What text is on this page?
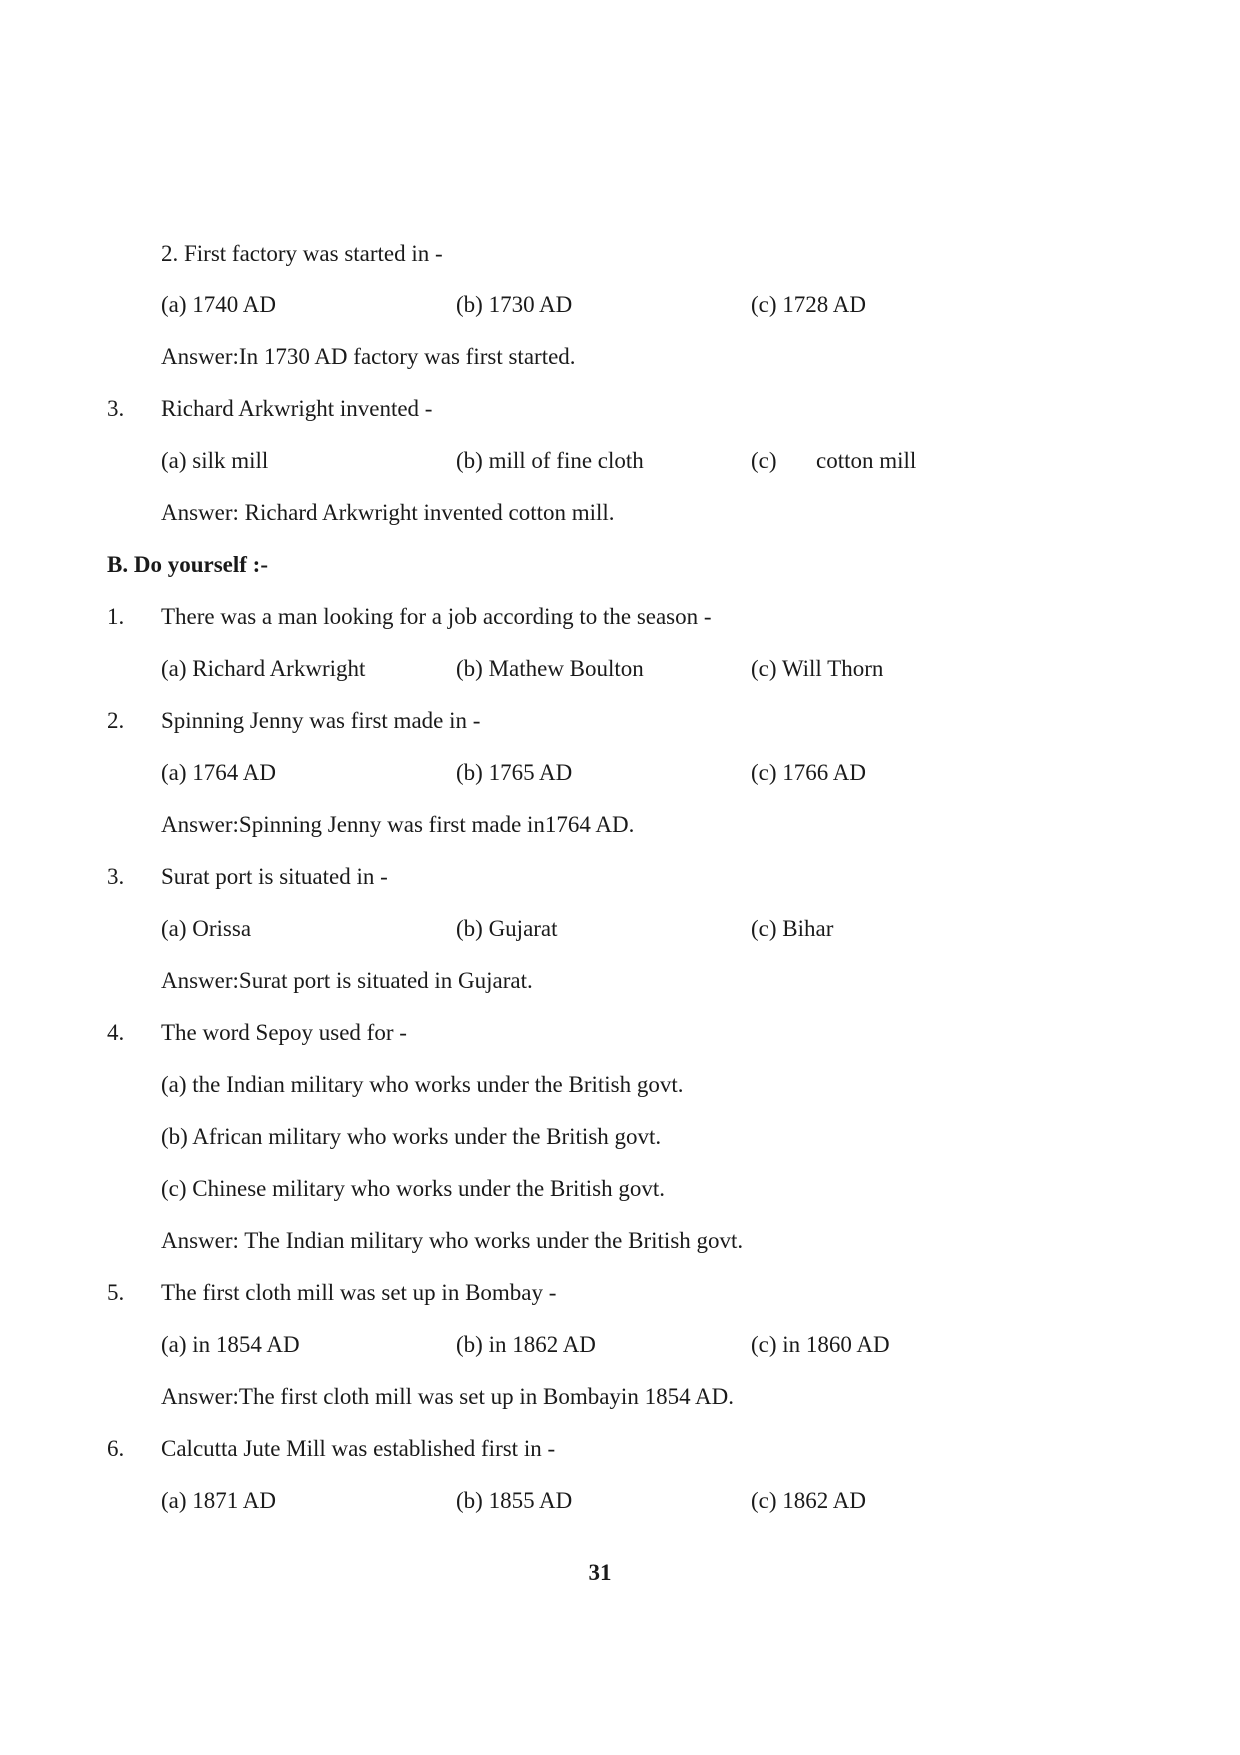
2. First factory was started in -
(a) 1740 AD	(b) 1730 AD	(c) 1728 AD
Answer:In 1730 AD factory was first started.
3. Richard Arkwright invented -
(a) silk mill	(b) mill of fine cloth	(c) cotton mill
Answer: Richard Arkwright invented cotton mill.
B. Do yourself :-
1. There was a man looking for a job according to the season -
(a) Richard Arkwright	(b) Mathew Boulton	(c) Will Thorn
2. Spinning Jenny was first made in -
(a) 1764 AD	(b) 1765 AD	(c) 1766 AD
Answer:Spinning Jenny was first made in1764 AD.
3. Surat port is situated in -
(a) Orissa	(b) Gujarat	(c) Bihar
Answer:Surat port is situated in Gujarat.
4. The word Sepoy used for -
(a) the Indian military who works under the British govt.
(b) African military who works under the British govt.
(c) Chinese military who works under the British govt.
Answer: The Indian military who works under the British govt.
5. The first cloth mill was set up in Bombay -
(a) in 1854 AD	(b) in 1862 AD	(c) in 1860 AD
Answer:The first cloth mill was set up in Bombayin 1854 AD.
6. Calcutta Jute Mill was established first in -
(a) 1871 AD	(b) 1855 AD	(c) 1862 AD
31
